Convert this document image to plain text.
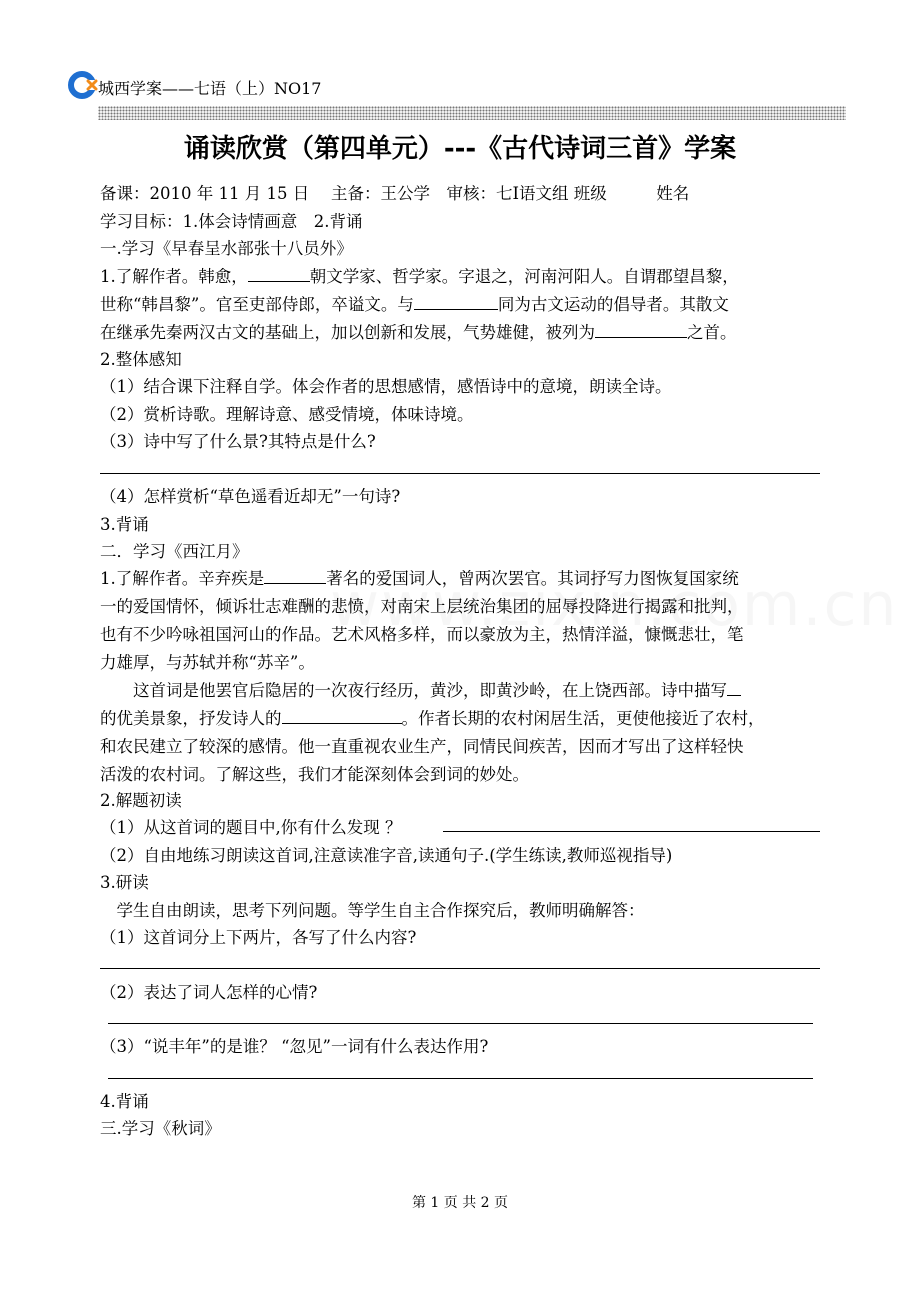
城西学案——七语（上）NO17
诵读欣赏（第四单元）---《古代诗词三首》学案
备课：2010 年 11 月 15 日　 主备：王公学　审核：七Ⅰ语文组 班级　　　姓名
学习目标：1.体会诗情画意　2.背诵
一.学习《早春呈水部张十八员外》
1.了解作者。韩愈，	朝文学家、哲学家。字退之，河南河阳人。自谓郡望昌黎，
世称“韩昌黎”。官至吏部侍郎，卒谥文。与	同为古文运动的倡导者。其散文
在继承先秦两汉古文的基础上，加以创新和发展，气势雄健，被列为	之首。
2.整体感知
（1）结合课下注释自学。体会作者的思想感情，感悟诗中的意境，朗读全诗。
（2）赏析诗歌。理解诗意、感受情境，体味诗境。
（3）诗中写了什么景?其特点是什么?
（4）怎样赏析“草色遥看近却无”一句诗?
3.背诵
二．学习《西江月》
1.了解作者。辛弃疾是	著名的爱国词人，曾两次罢官。其词抒写力图恢复国家统
一的爱国情怀，倾诉壮志难酬的悲愤，对南宋上层统治集团的屈辱投降进行揭露和批判，
也有不少吟咏祖国河山的作品。艺术风格多样，而以豪放为主，热情洋溢，慷慨悲壮，笔
力雄厚，与苏轼并称“苏辛”。
　　这首词是他罢官后隐居的一次夜行经历，黄沙，即黄沙岭，在上饶西部。诗中描写
的优美景象，抒发诗人的	。作者长期的农村闲居生活，更使他接近了农村，
和农民建立了较深的感情。他一直重视农业生产，同情民间疾苦，因而才写出了这样轻快
活泼的农村词。了解这些，我们才能深刻体会到词的妙处。
2.解题初读
（1）从这首词的题目中,你有什么发现 ？
（2）自由地练习朗读这首词,注意读准字音,读通句子.(学生练读,教师巡视指导)
3.研读
　学生自由朗读，思考下列问题。等学生自主合作探究后，教师明确解答：
（1）这首词分上下两片，各写了什么内容?
（2）表达了词人怎样的心情?
（3）“说丰年”的是谁？ “忽见”一词有什么表达作用?
4.背诵
三.学习《秋词》
第 1 页 共 2 页
